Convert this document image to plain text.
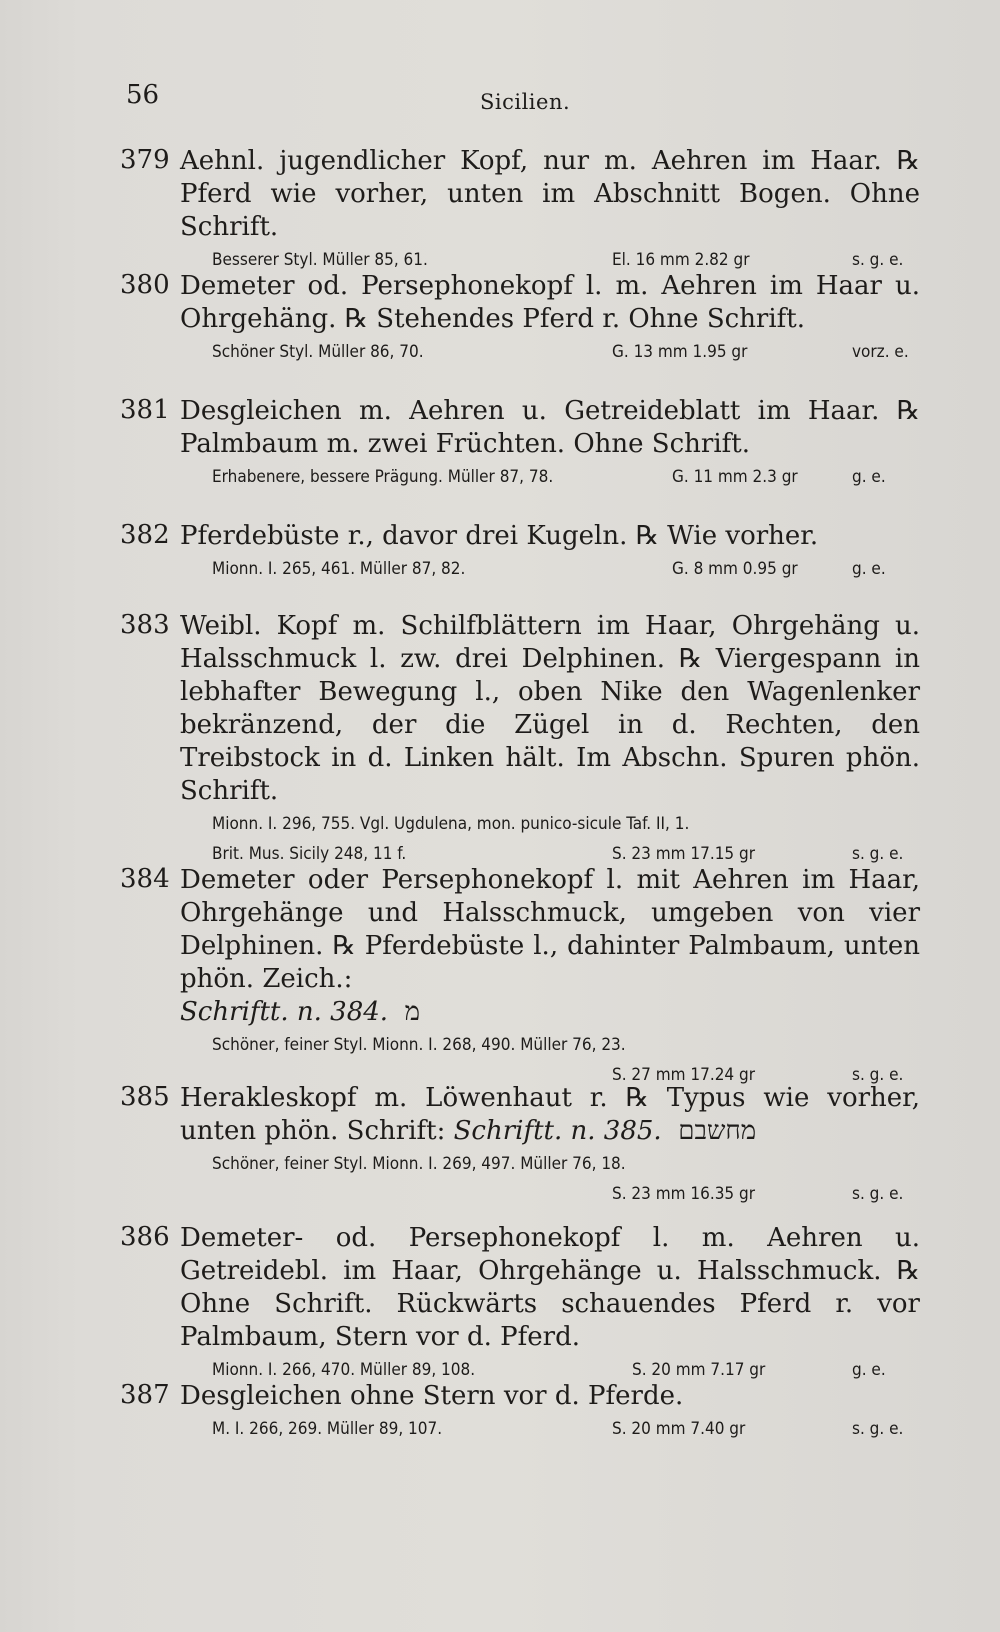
56	Sicilien.
379 Aehnl. jugendlicher Kopf, nur m. Aehren im Haar. ℞ Pferd wie vorher, unten im Abschnitt Bogen. Ohne Schrift.
Besserer Styl. Müller 85, 61.	El. 16 mm 2.82 gr	s. g. e.
380 Demeter od. Persephonekopf l. m. Aehren im Haar u. Ohrgehäng. ℞ Stehendes Pferd r. Ohne Schrift.
Schöner Styl. Müller 86, 70.	G. 13 mm 1.95 gr	vorz. e.
381 Desgleichen m. Aehren u. Getreideblatt im Haar. ℞ Palmbaum m. zwei Früchten. Ohne Schrift.
Erhabenere, bessere Prägung. Müller 87, 78.	G. 11 mm 2.3 gr	g. e.
382 Pferdebüste r., davor drei Kugeln. ℞ Wie vorher.
Mionn. I. 265, 461. Müller 87, 82.	G. 8 mm 0.95 gr	g. e.
383 Weibl. Kopf m. Schilfblättern im Haar, Ohrgehäng u. Halsschmuck l. zw. drei Delphinen. ℞ Viergespann in lebhafter Bewegung l., oben Nike den Wagenlenker bekränzend, der die Zügel in d. Rechten, den Treibstock in d. Linken hält. Im Abschn. Spuren phön. Schrift.
Mionn. I. 296, 755. Vgl. Ugdulena, mon. punico-sicule Taf. II, 1.
Brit. Mus. Sicily 248, 11 f.	S. 23 mm 17.15 gr	s. g. e.
384 Demeter oder Persephonekopf l. mit Aehren im Haar, Ohrgehänge und Halsschmuck, umgeben von vier Delphinen. ℞ Pferdebüste l., dahinter Palmbaum, unten phön. Zeich.:
Schriftt. n. 384. מ
Schöner, feiner Styl. Mionn. I. 268, 490. Müller 76, 23.
S. 27 mm 17.24 gr	s. g. e.
385 Herakleskopf m. Löwenhaut r. ℞ Typus wie vorher, unten phön. Schrift: Schriftt. n. 385. מחשבם
Schöner, feiner Styl. Mionn. I. 269, 497. Müller 76, 18.
S. 23 mm 16.35 gr	s. g. e.
386 Demeter- od. Persephonekopf l. m. Aehren u. Getreidebl. im Haar, Ohrgehänge u. Halsschmuck. ℞ Ohne Schrift. Rückwärts schauendes Pferd r. vor Palmbaum, Stern vor d. Pferd.
Mionn. I. 266, 470. Müller 89, 108.	S. 20 mm 7.17 gr	g. e.
387 Desgleichen ohne Stern vor d. Pferde.
M. I. 266, 269. Müller 89, 107.	S. 20 mm 7.40 gr	s. g. e.
